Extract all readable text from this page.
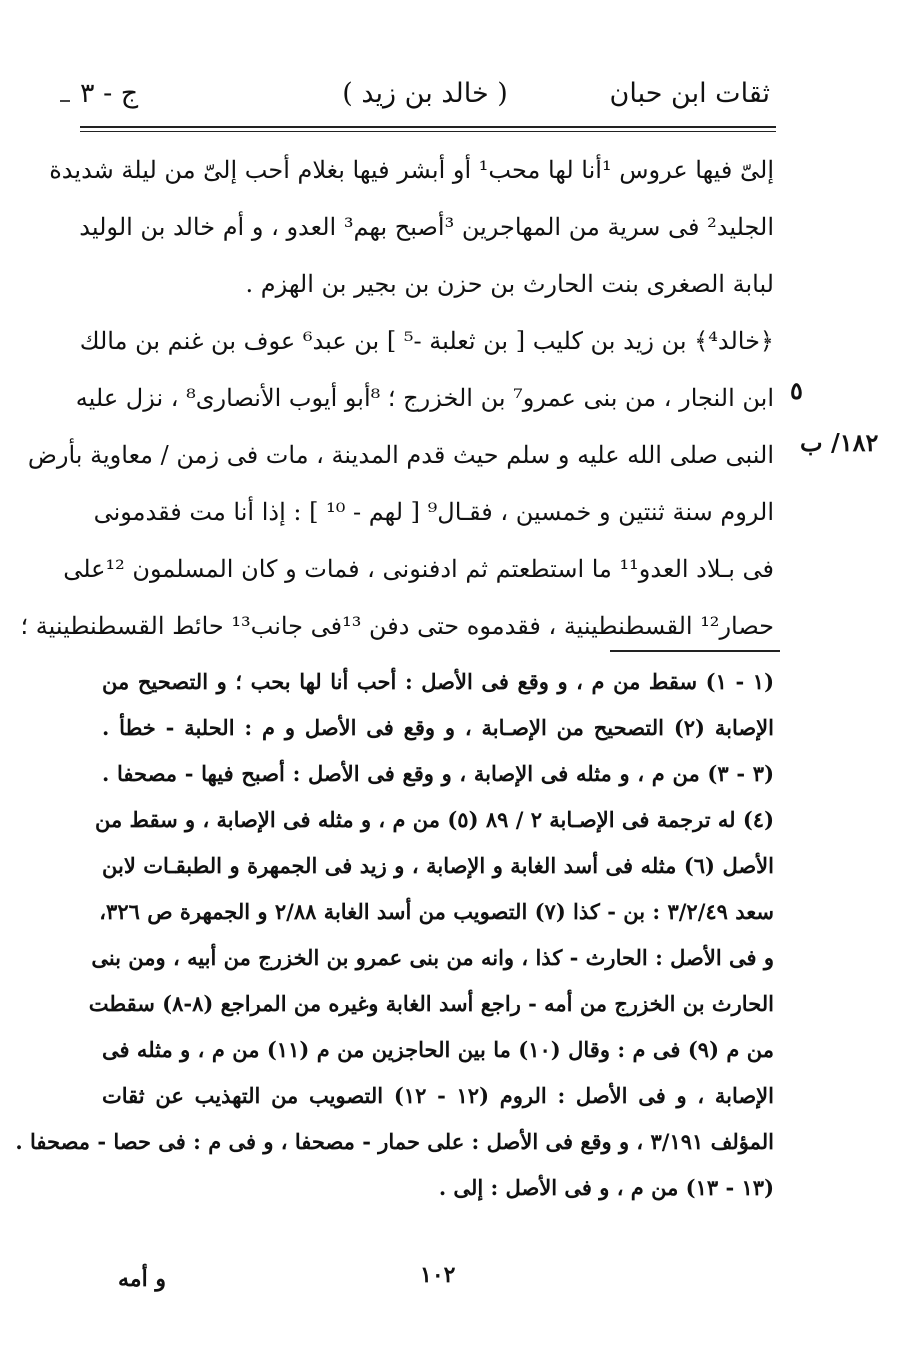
ثقات ابن حبان
( خالد بن زيد )
ج - ٣
٥
١٨٢/ ب
إلىّ فيها عروس ¹أنا لها محب¹ أو أبشر فيها بغلام أحب إلىّ من ليلة شديدة
الجليد² فى سرية من المهاجرين ³أصبح بهم³ العدو ، و أم خالد بن الوليد
لبابة الصغرى بنت الحارث بن حزن بن بجير بن الهزم .
﴿خالد⁴﴾ بن زيد بن كليب [ بن ثعلبة -⁵ ] بن عبد⁶ عوف بن غنم بن مالك
ابن النجار ، من بنى عمرو⁷ بن الخزرج ؛ ⁸أبو أيوب الأنصارى⁸ ، نزل عليه
النبى صلى الله عليه و سلم حيث قدم المدينة ، مات فى زمن / معاوية بأرض
الروم سنة ثنتين و خمسين ، فقـال⁹ [ لهم - ¹⁰ ] : إذا أنا مت فقدمونى
فى بـلاد العدو¹¹ ما استطعتم ثم ادفنونى ، فمات و كان المسلمون ¹²على
حصار¹² القسطنطينية ، فقدموه حتى دفن ¹³فى جانب¹³ حائط القسطنطينية ؛
(١ - ١) سقط من م ، و وقع فى الأصل : أحب أنا لها بحب ؛ و التصحيح من
الإصابة (٢) التصحيح من الإصـابة ، و وقع فى الأصل و م : الحلبة - خطأ .
(٣ - ٣) من م ، و مثله فى الإصابة ، و وقع فى الأصل : أصبح فيها - مصحفا .
(٤) له ترجمة فى الإصـابة ٢ / ٨٩ (٥) من م ، و مثله فى الإصابة ، و سقط من
الأصل (٦) مثله فى أسد الغابة و الإصابة ، و زيد فى الجمهرة و الطبقـات لابن
سعد ٣/٢/٤٩ : بن - كذا (٧) التصويب من أسد الغابة ٢/٨٨ و الجمهرة ص ٣٢٦،
و فى الأصل : الحارث - كذا ، وانه من بنى عمرو بن الخزرج من أبيه ، ومن بنى
الحارث بن الخزرج من أمه - راجع أسد الغابة وغيره من المراجع (٨-٨) سقطت
من م (٩) فى م : وقال (١٠) ما بين الحاجزين من م (١١) من م ، و مثله فى
الإصابة ، و فى الأصل : الروم (١٢ - ١٢) التصويب من التهذيب عن ثقات
المؤلف ٣/١٩١ ، و وقع فى الأصل : على حمار - مصحفا ، و فى م : فى حصا - مصحفا .
(١٣ - ١٣) من م ، و فى الأصل : إلى .
١٠٢
و أمه
